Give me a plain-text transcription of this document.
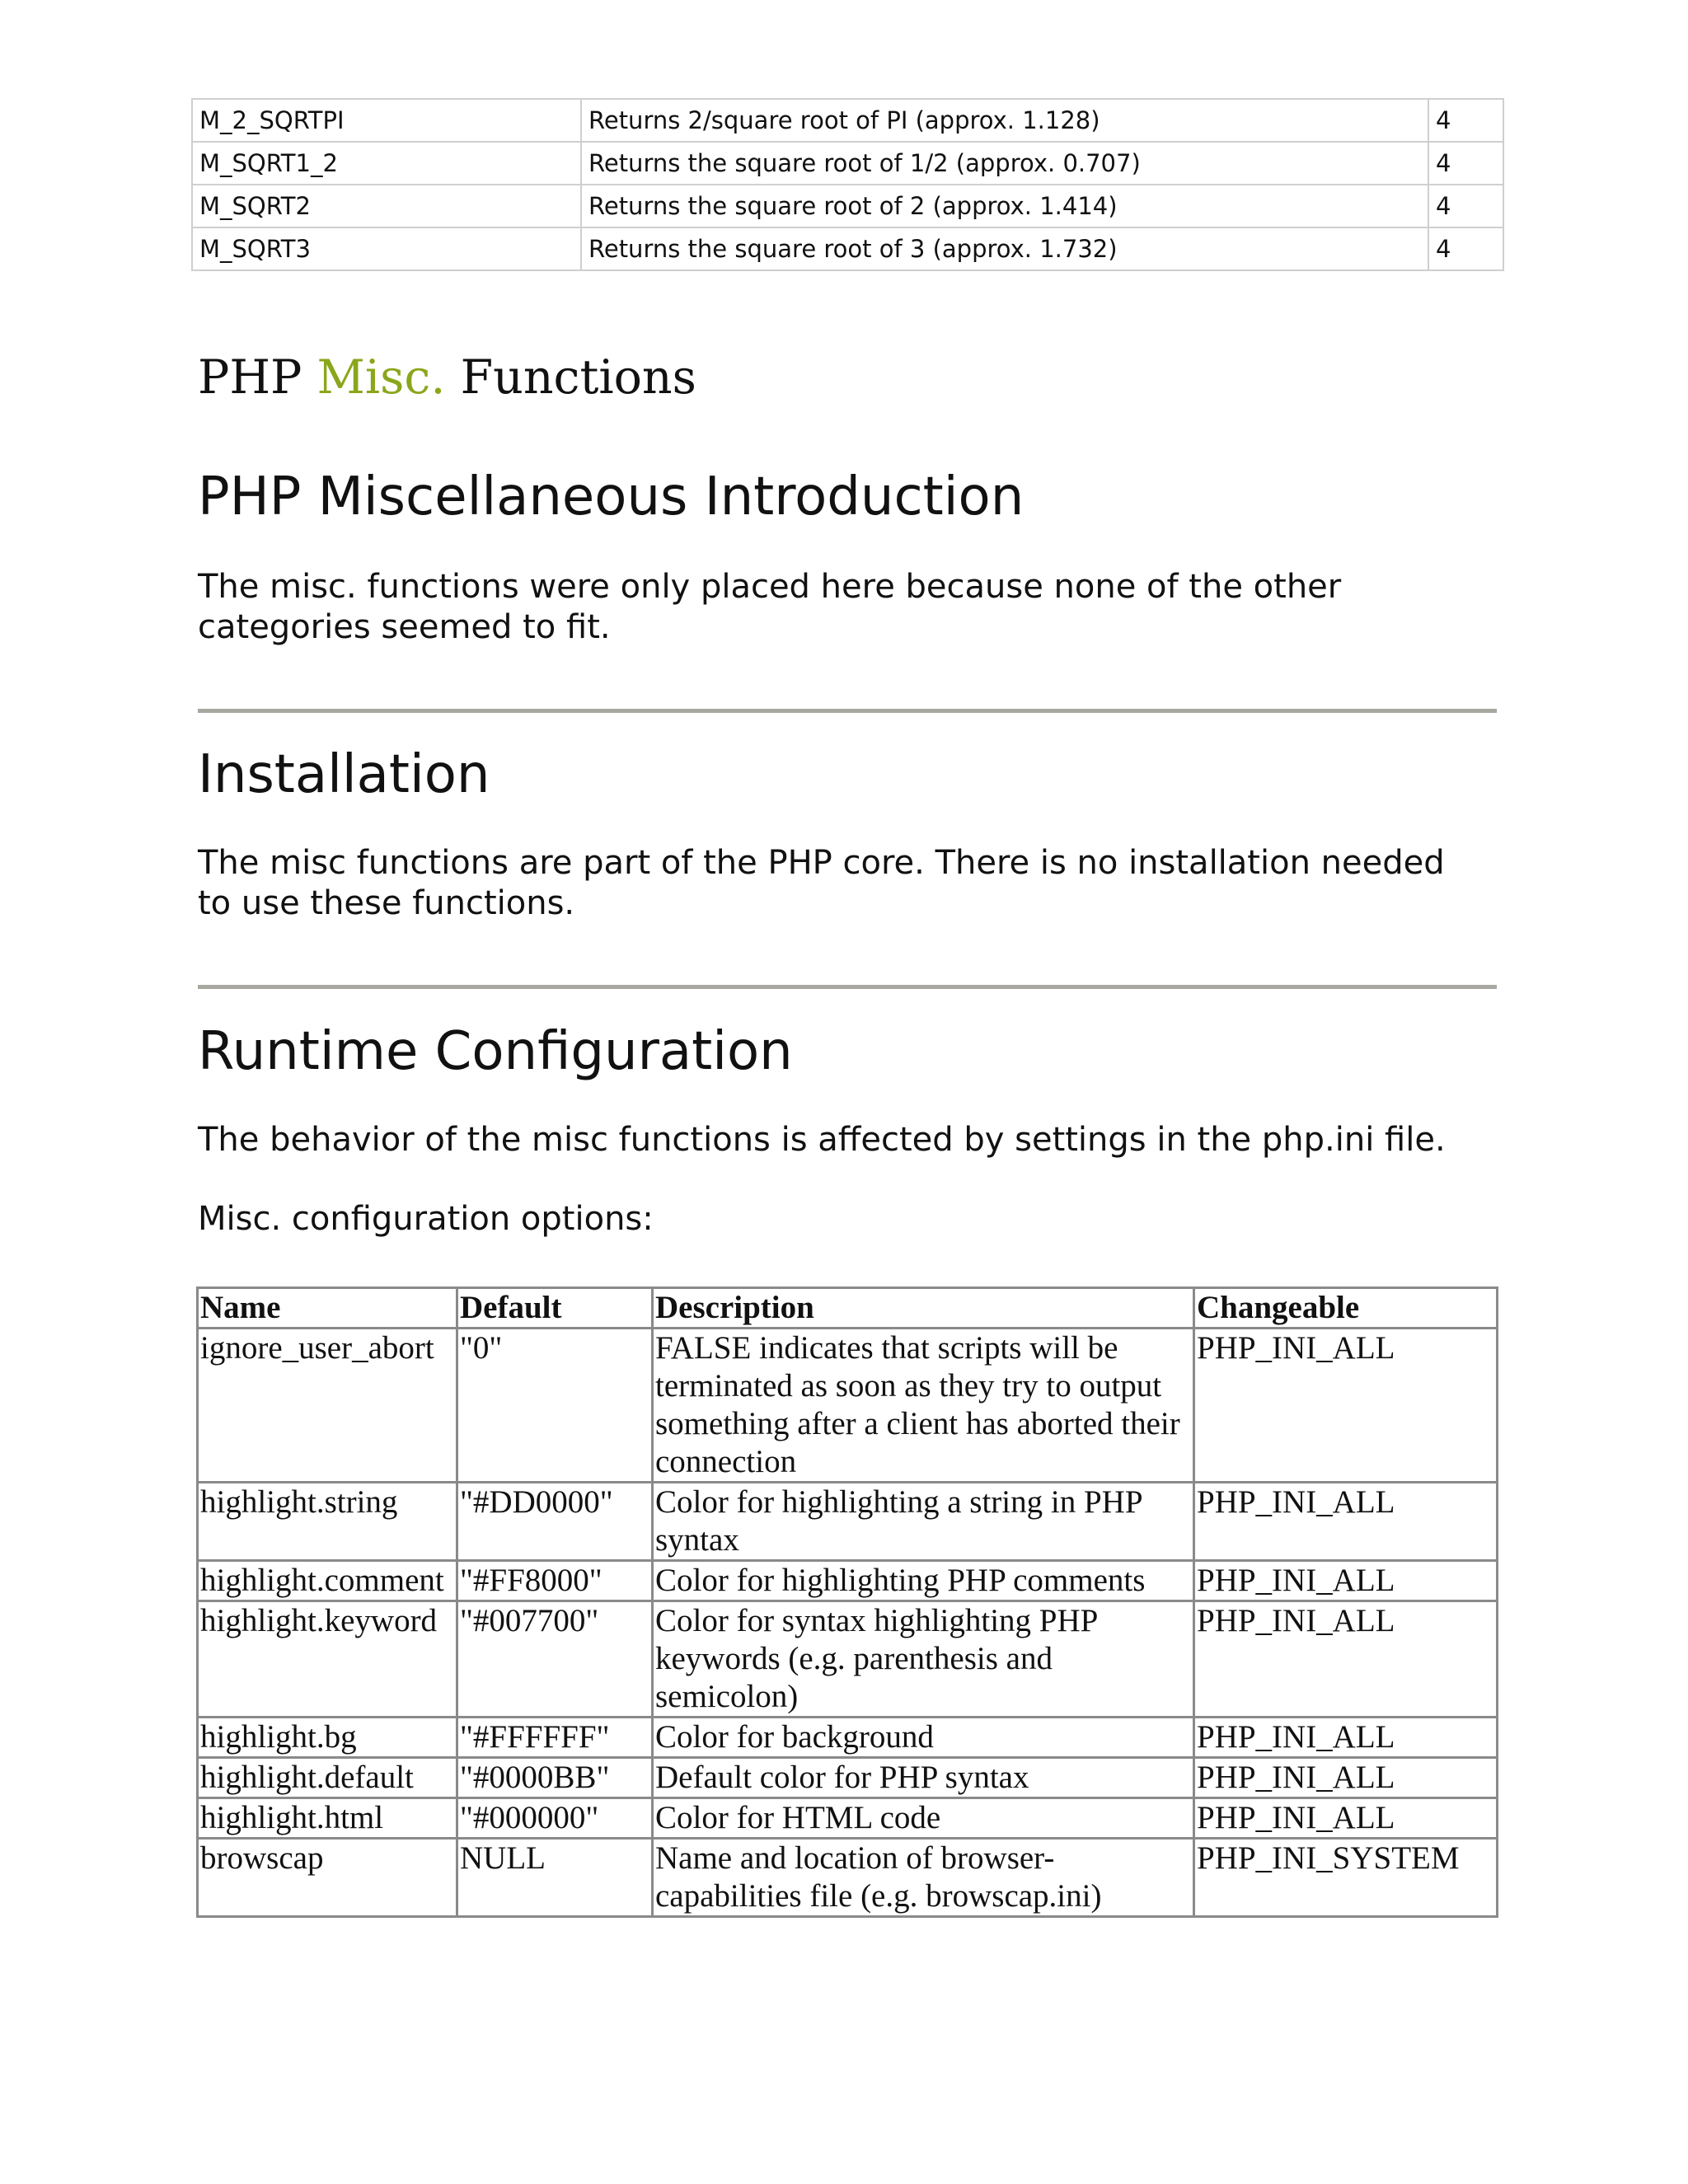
M_2_SQRTPI	Returns 2/square root of PI (approx. 1.128)	4
M_SQRT1_2	Returns the square root of 1/2 (approx. 0.707)	4
M_SQRT2	Returns the square root of 2 (approx. 1.414)	4
M_SQRT3	Returns the square root of 3 (approx. 1.732)	4
PHP Misc. Functions
PHP Miscellaneous Introduction

The misc. functions were only placed here because none of the other categories seemed to fit.

Installation

The misc functions are part of the PHP core. There is no installation needed to use these functions.

Runtime Configuration

The behavior of the misc functions is affected by settings in the php.ini file.

Misc. configuration options:

Name	Default	Description	Changeable
ignore_user_abort	"0"	FALSE indicates that scripts will be terminated as soon as they try to output something after a client has aborted their connection	PHP_INI_ALL
highlight.string	"#DD0000"	Color for highlighting a string in PHP syntax	PHP_INI_ALL
highlight.comment	"#FF8000"	Color for highlighting PHP comments	PHP_INI_ALL
highlight.keyword	"#007700"	Color for syntax highlighting PHP keywords (e.g. parenthesis and semicolon)	PHP_INI_ALL
highlight.bg	"#FFFFFF"	Color for background	PHP_INI_ALL
highlight.default	"#0000BB"	Default color for PHP syntax	PHP_INI_ALL
highlight.html	"#000000"	Color for HTML code	PHP_INI_ALL
browscap	NULL	Name and location of browser-capabilities file (e.g. browscap.ini)	PHP_INI_SYSTEM
